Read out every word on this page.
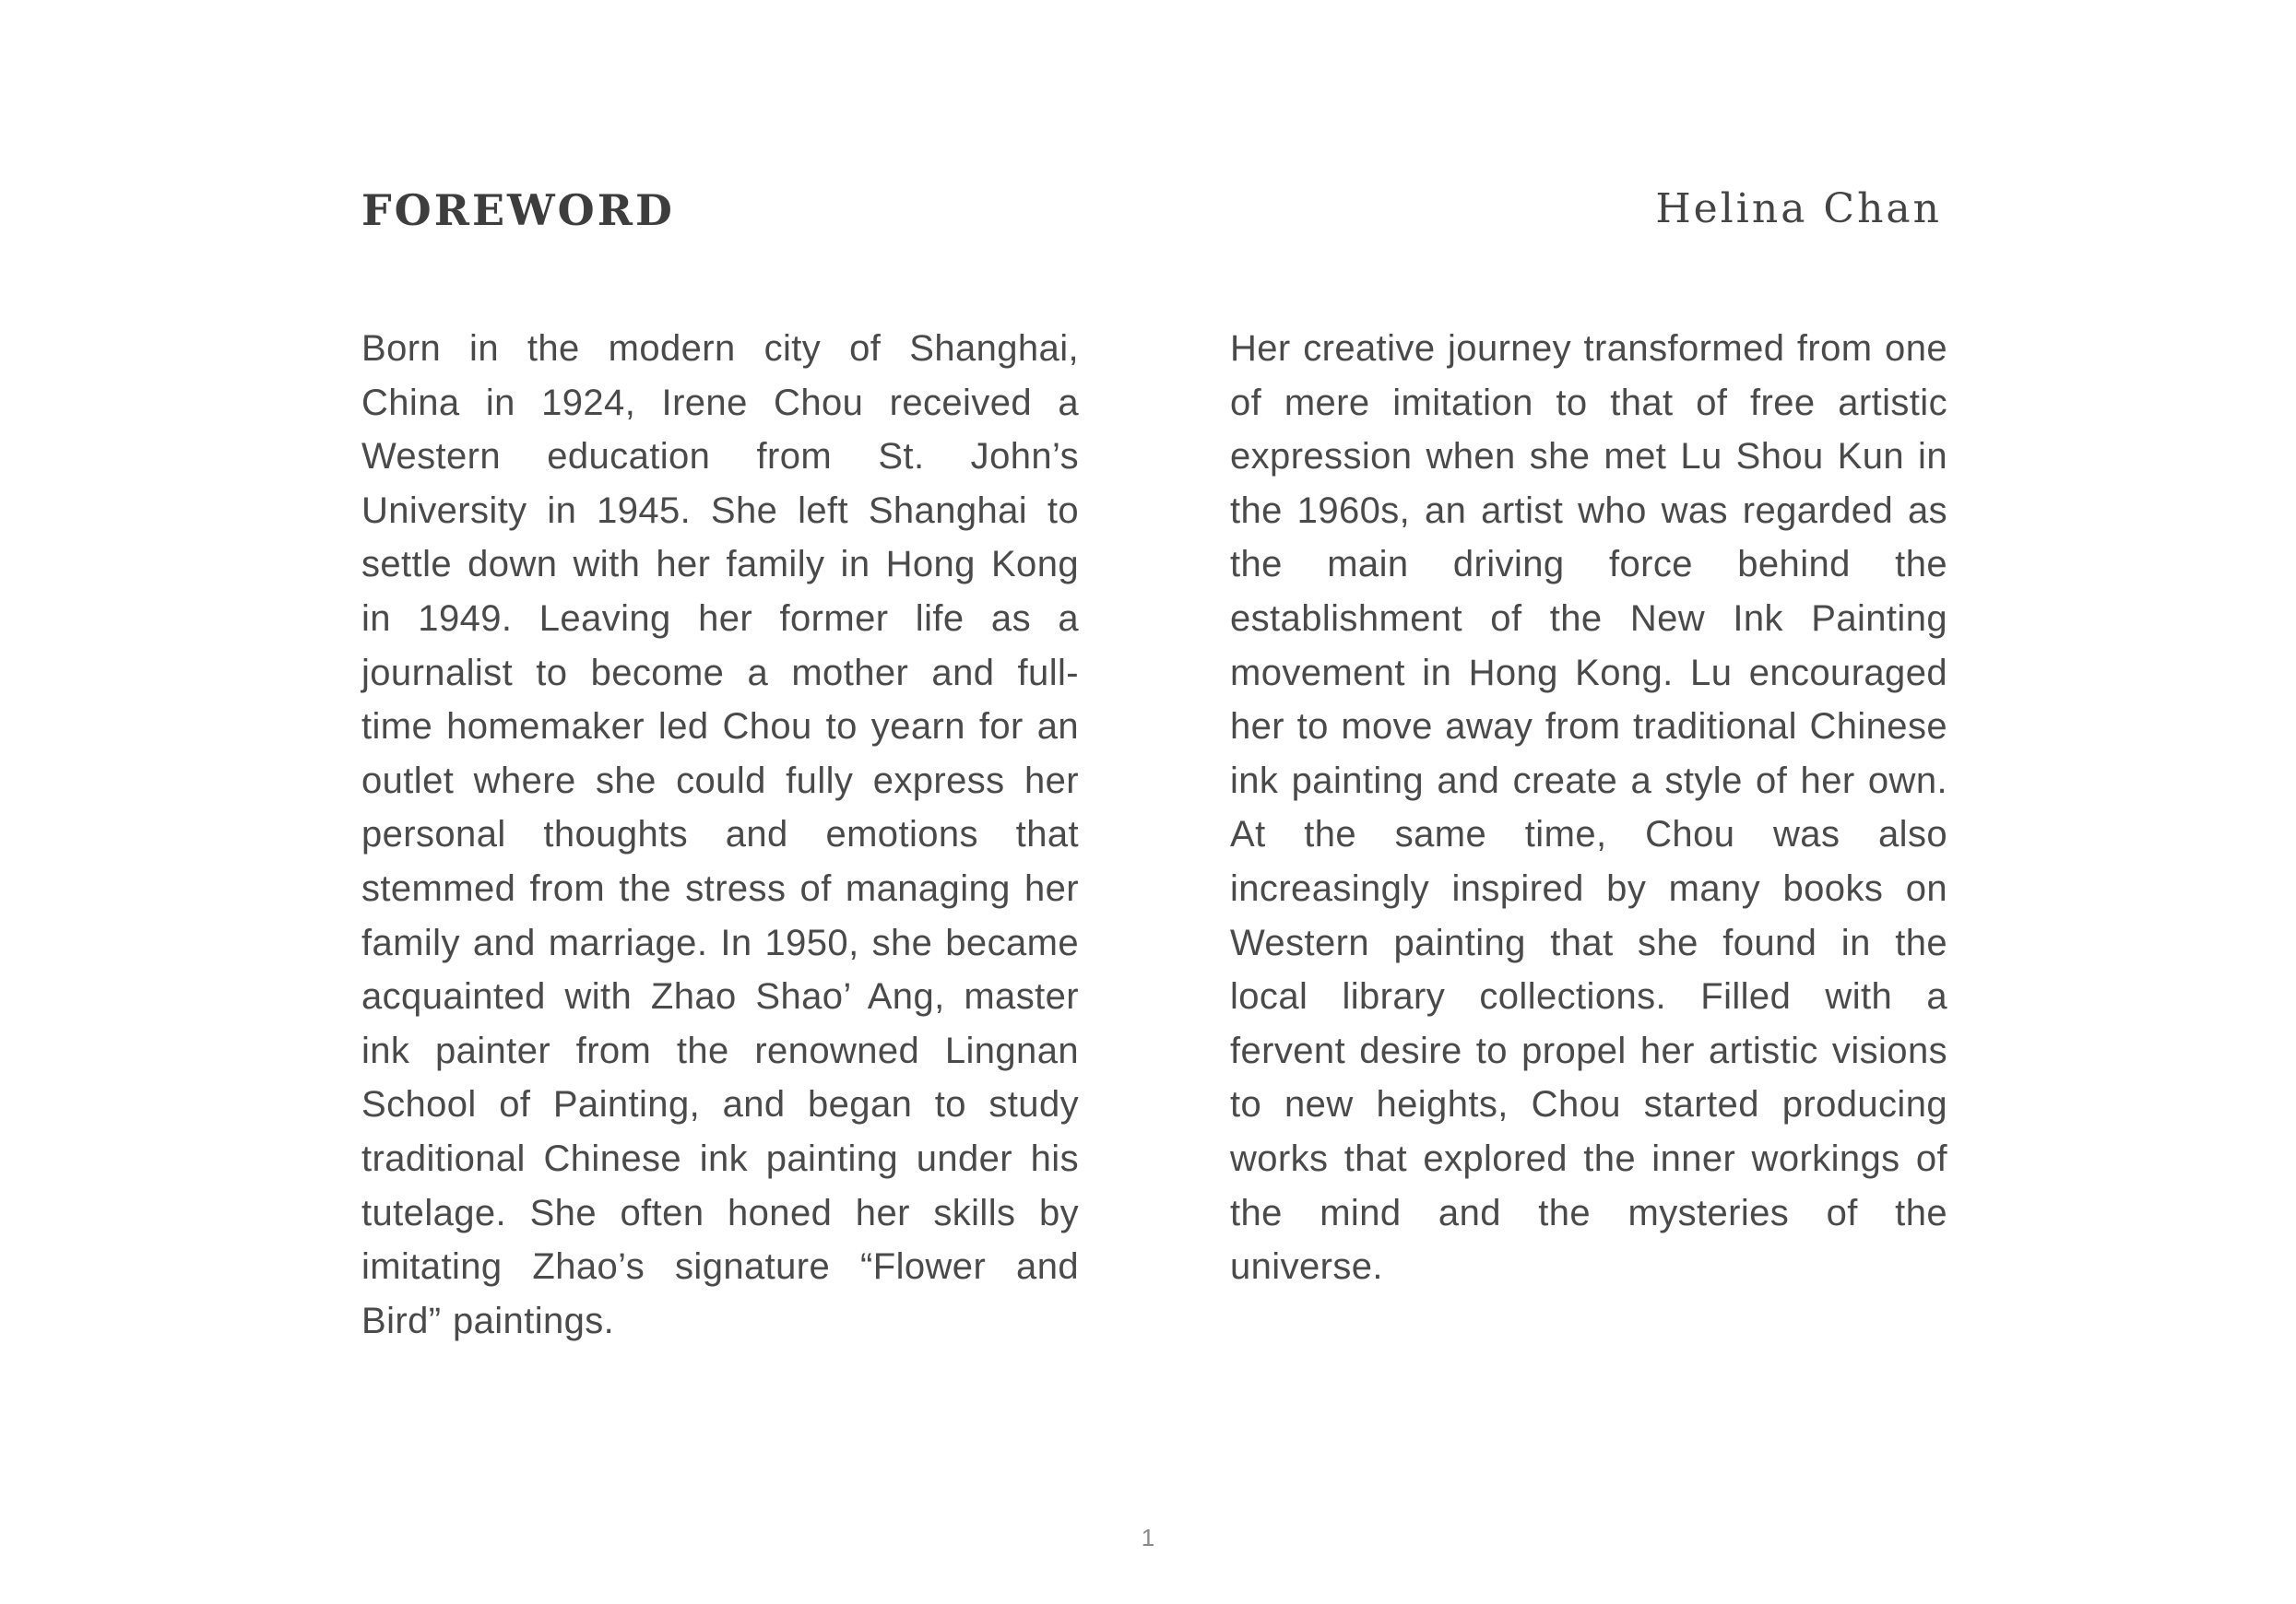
FOREWORD	Helina Chan
Born in the modern city of Shanghai, China in 1924, Irene Chou received a Western education from St. John’s University in 1945. She left Shanghai to settle down with her family in Hong Kong in 1949. Leaving her former life as a journalist to become a mother and full-time homemaker led Chou to yearn for an outlet where she could fully express her personal thoughts and emotions that stemmed from the stress of managing her family and marriage. In 1950, she became acquainted with Zhao Shao’ Ang, master ink painter from the renowned Lingnan School of Painting, and began to study traditional Chinese ink painting under his tutelage. She often honed her skills by imitating Zhao’s signature “Flower and Bird” paintings.
Her creative journey transformed from one of mere imitation to that of free artistic expression when she met Lu Shou Kun in the 1960s, an artist who was regarded as the main driving force behind the establishment of the New Ink Painting movement in Hong Kong. Lu encouraged her to move away from traditional Chinese ink painting and create a style of her own. At the same time, Chou was also increasingly inspired by many books on Western painting that she found in the local library collections. Filled with a fervent desire to propel her artistic visions to new heights, Chou started producing works that explored the inner workings of the mind and the mysteries of the universe.
1
